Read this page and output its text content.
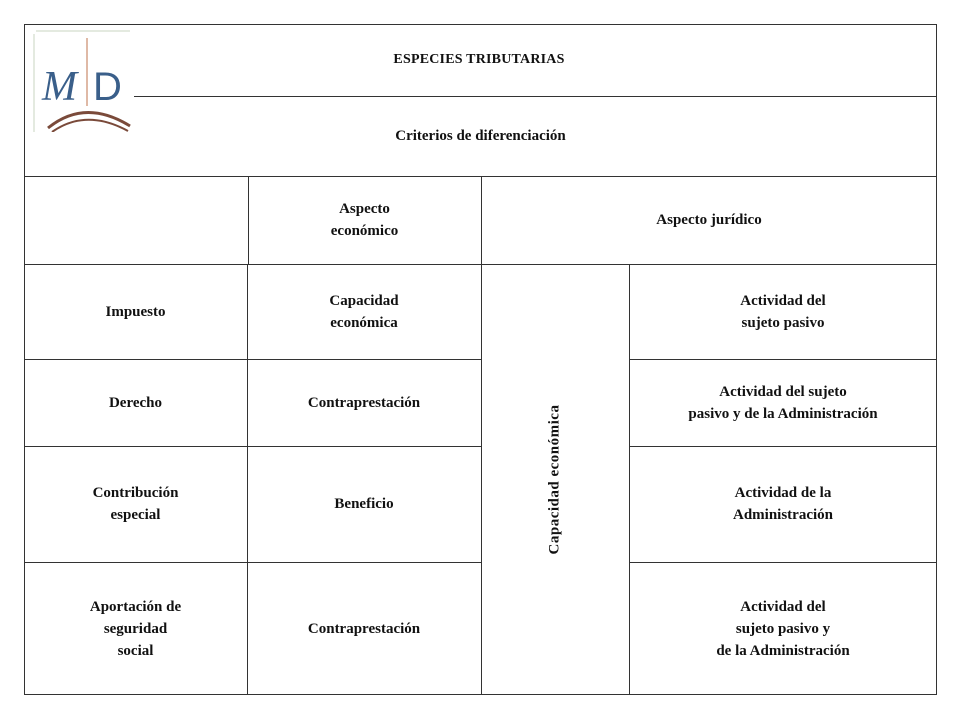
M D
ESPECIES TRIBUTARIAS
Criterios de diferenciación
Aspecto
económico
Aspecto jurídico
Capacidad económica
Impuesto
Capacidad
económica
Actividad del
sujeto pasivo
Derecho	Contraprestación
Actividad del sujeto
pasivo y de la Administración
Contribución
especial
Beneficio
Actividad de la
Administración
Aportación de
seguridad
social
Contraprestación
Actividad del
sujeto pasivo y
de la Administración
